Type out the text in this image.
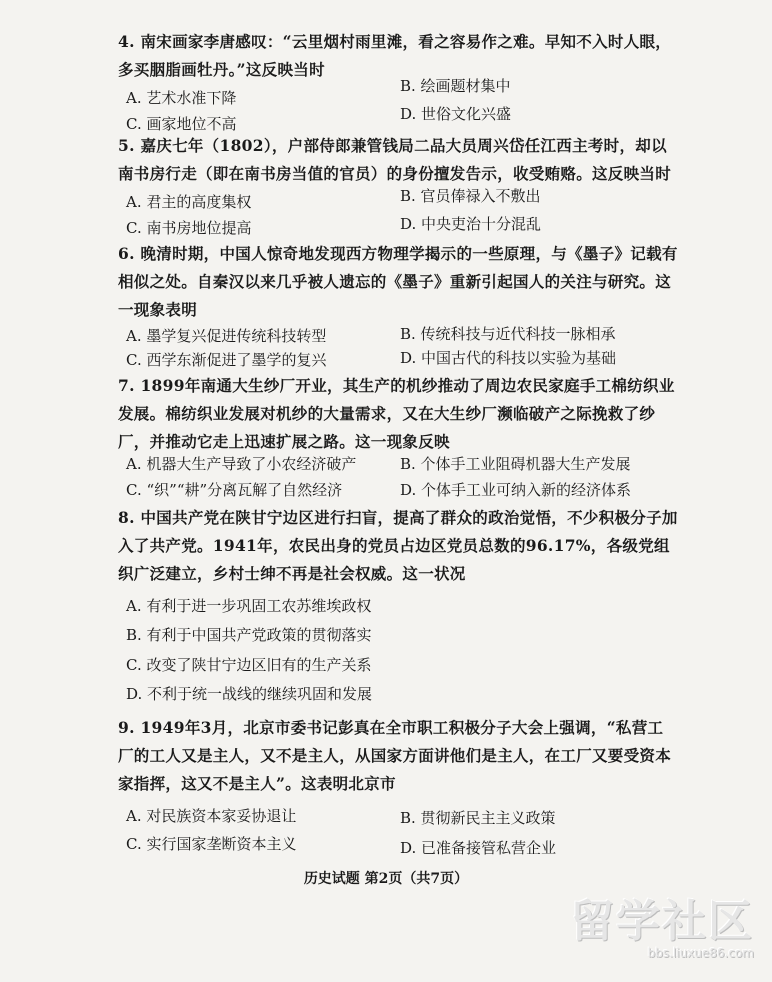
4. 南宋画家李唐感叹：“云里烟村雨里滩，看之容易作之难。早知不入时人眼，多买胭脂画牡丹。”这反映当时
A. 艺术水准下降
B. 绘画题材集中
C. 画家地位不高
D. 世俗文化兴盛
5. 嘉庆七年（1802），户部侍郎兼管钱局二品大员周兴岱任江西主考时，却以南书房行走（即在南书房当值的官员）的身份擅发告示，收受贿赂。这反映当时
A. 君主的高度集权	B. 官员俸禄入不敷出
C. 南书房地位提高	D. 中央吏治十分混乱
6. 晚清时期，中国人惊奇地发现西方物理学揭示的一些原理，与《墨子》记载有相似之处。自秦汉以来几乎被人遗忘的《墨子》重新引起国人的关注与研究。这一现象表明
A. 墨学复兴促进传统科技转型	B. 传统科技与近代科技一脉相承
C. 西学东渐促进了墨学的复兴	D. 中国古代的科技以实验为基础
7. 1899年南通大生纱厂开业，其生产的机纱推动了周边农民家庭手工棉纺织业发展。棉纺织业发展对机纱的大量需求，又在大生纱厂濒临破产之际挽救了纱厂，并推动它走上迅速扩展之路。这一现象反映
A. 机器大生产导致了小农经济破产	B. 个体手工业阻碍机器大生产发展
C. “织”“耕”分离瓦解了自然经济	D. 个体手工业可纳入新的经济体系
8. 中国共产党在陕甘宁边区进行扫盲，提高了群众的政治觉悟，不少积极分子加入了共产党。1941年，农民出身的党员占边区党员总数的96.17%，各级党组织广泛建立，乡村士绅不再是社会权威。这一状况
A. 有利于进一步巩固工农苏维埃政权
B. 有利于中国共产党政策的贯彻落实
C. 改变了陕甘宁边区旧有的生产关系
D. 不利于统一战线的继续巩固和发展
9. 1949年3月，北京市委书记彭真在全市职工积极分子大会上强调，“私营工厂的工人又是主人，又不是主人，从国家方面讲他们是主人，在工厂又要受资本家指挥，这又不是主人”。这表明北京市
A. 对民族资本家妥协退让	B. 贯彻新民主主义政策
C. 实行国家垄断资本主义	D. 已准备接管私营企业
历史试题 第2页（共7页）
留学社区
bbs.liuxue86.com
